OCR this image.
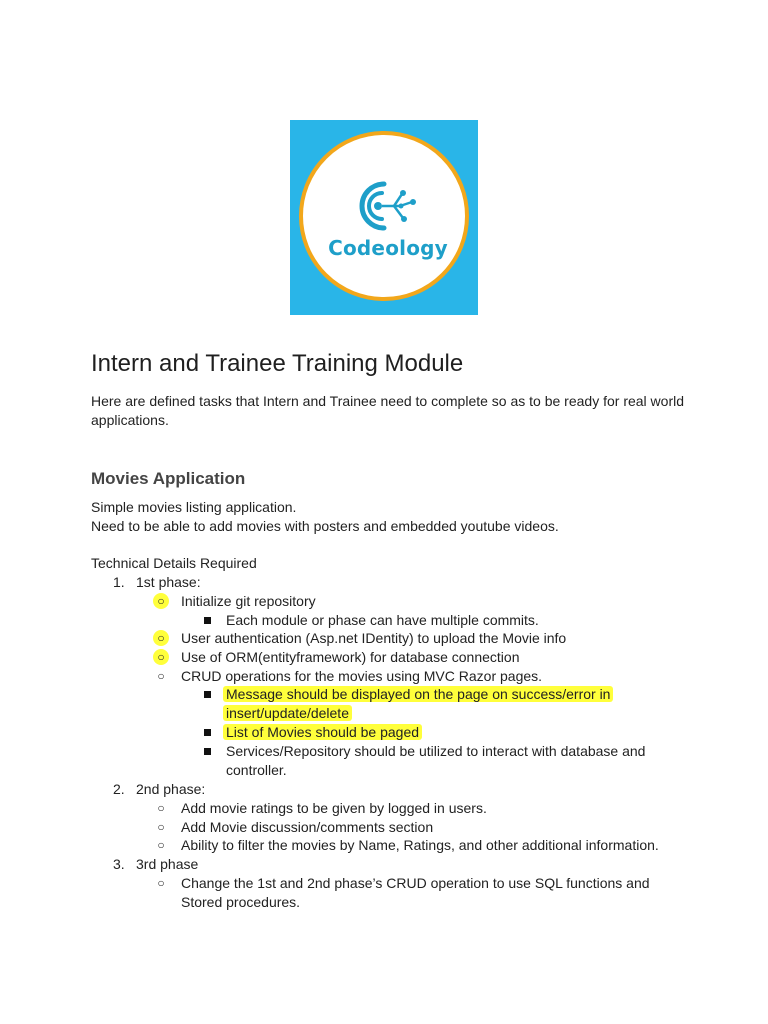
Codeology
Intern and Trainee Training Module

Here are defined tasks that Intern and Trainee need to complete so as to be ready for real world applications.

Movies Application

Simple movies listing application.

Need to be able to add movies with posters and embedded youtube videos.

Technical Details Required

1. 1st phase:
○	Initialize git repository
Each module or phase can have multiple commits.
○	User authentication (Asp.net IDentity) to upload the Movie info
○	Use of ORM(entityframework) for database connection
○	CRUD operations for the movies using MVC Razor pages.
Message should be displayed on the page on success/error in
insert/update/delete
List of Movies should be paged
Services/Repository should be utilized to interact with database and
controller.
2. 2nd phase:
○	Add movie ratings to be given by logged in users.
○	Add Movie discussion/comments section
○	Ability to filter the movies by Name, Ratings, and other additional information.
3. 3rd phase
○	Change the 1st and 2nd phase’s CRUD operation to use SQL functions and
Stored procedures.
